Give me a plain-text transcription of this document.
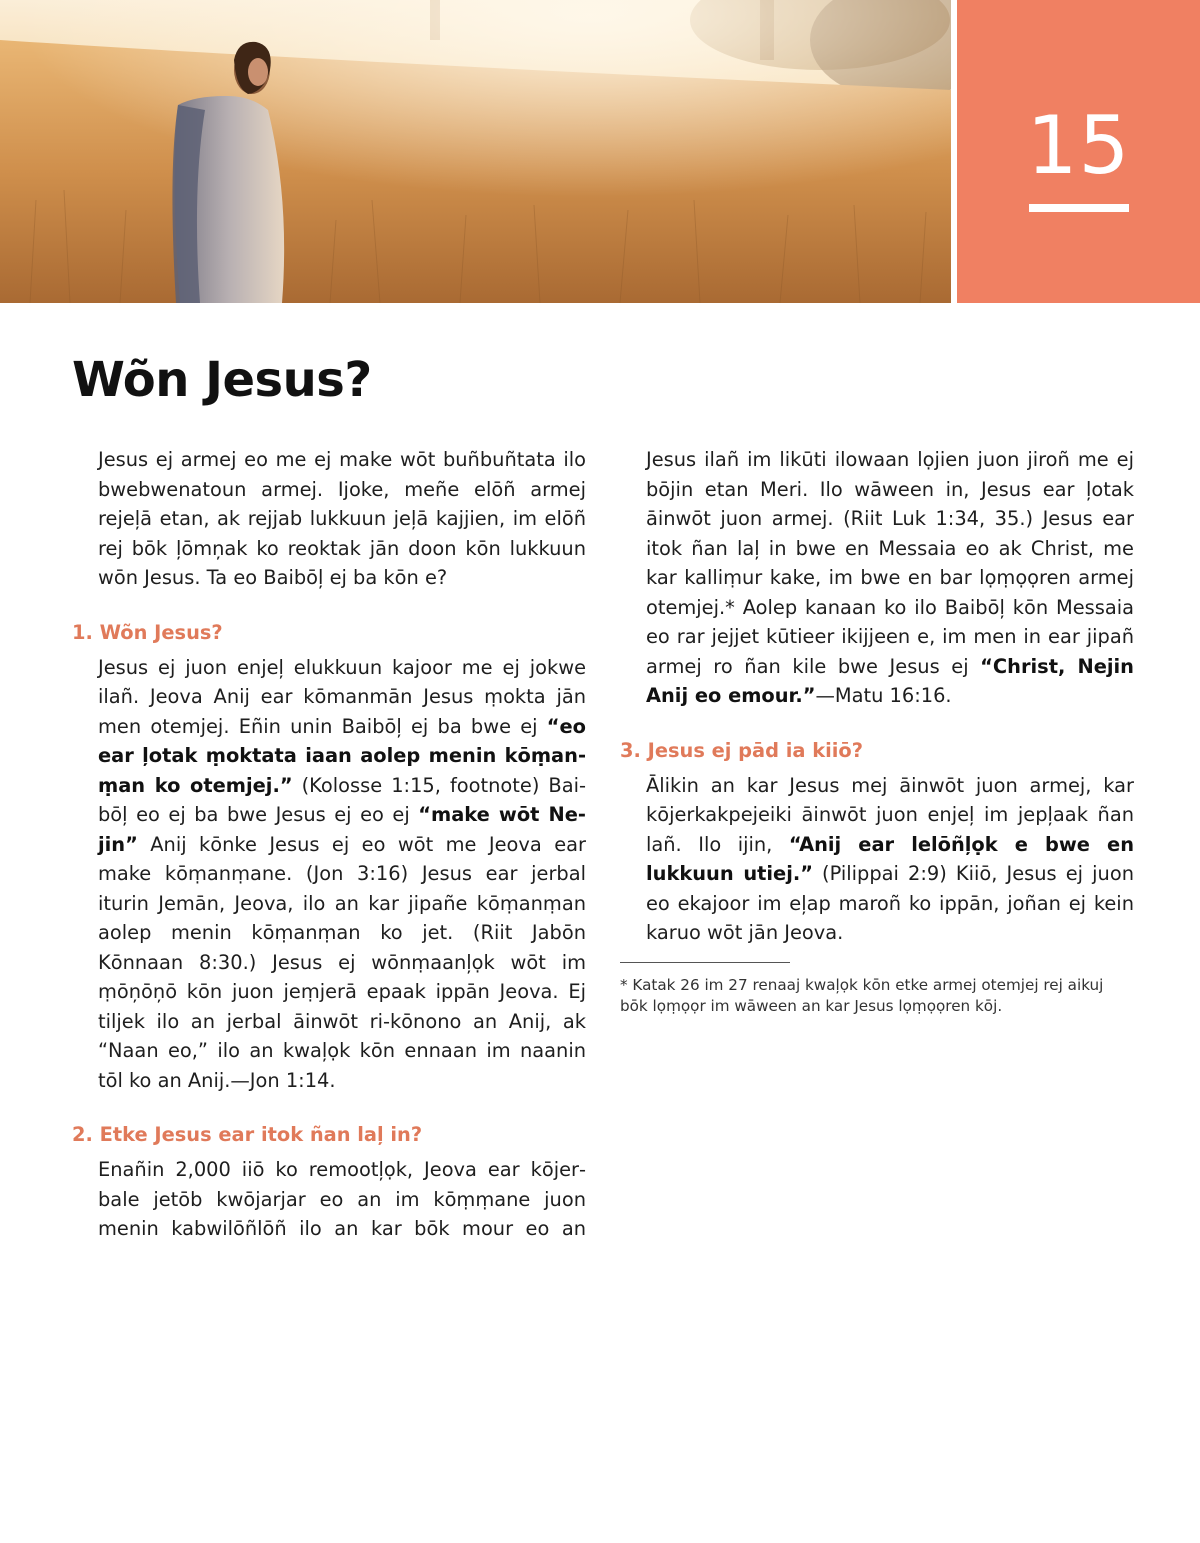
15
Wõn Jesus?

Jesus ej armej eo me ej make wōt buñbuñtata ilo bwebwenatoun armej. Ijoke, meñe elōñ armej rejeļā etan, ak rejjab lukkuun jeļā kajjien, im elōñ rej bōk ļōmņak ko reoktak jān doon kōn lukkuun wōn Jesus. Ta eo Baibōļ ej ba kōn e?

1. Wõn Jesus?

Jesus ej juon enjeļ elukkuun kajoor me ej jokwe ilañ. Jeova Anij ear kōmanmān Jesus ṃokta jān men otemjej. Eñin unin Baibōļ ej ba bwe ej “eo ear ļotak ṃoktata iaan aolep menin kōṃanṃan ko otemjej.” (Kolosse 1:15, footnote) Baibōļ eo ej ba bwe Jesus ej eo ej “make wōt Nejin” Anij kōnke Jesus ej eo wōt me Jeova ear make kōṃanṃane. (Jon 3:16) Jesus ear jerbal iturin Jemān, Jeova, ilo an kar jipañe kōṃanṃan aolep menin kōṃanṃan ko jet. (Riit Jabōn Kōnnaan 8:30.) Jesus ej wōnṃaanļọk wōt im ṃōņōņō kōn juon jeṃjerā epaak ippān Jeova. Ej tiljek ilo an jerbal āinwōt ri-kōnono an Anij, ak “Naan eo,” ilo an kwaļọk kōn ennaan im naanin tōl ko an Anij.—Jon 1:14.

2. Etke Jesus ear itok ñan laļ in?

Enañin 2,000 iiō ko remootļọk, Jeova ear kōjerbale jetōb kwōjarjar eo an im kōṃṃane juon menin kabwilōñlōñ ilo an kar bōk mour eo an

Jesus ilañ im likūti ilowaan lọjien juon jiroñ me ej bōjin etan Meri. Ilo wāween in, Jesus ear ļotak āinwōt juon armej. (Riit Luk 1:34, 35.) Jesus ear itok ñan laļ in bwe en Messaia eo ak Christ, me kar kalliṃur kake, im bwe en bar lọṃọọren armej otemjej.* Aolep kanaan ko ilo Baibōļ kōn Messaia eo rar jejjet kūtieer ikijjeen e, im men in ear jipañ armej ro ñan kile bwe Jesus ej “Christ, Nejin Anij eo emour.”—Matu 16:16.

3. Jesus ej pād ia kiiō?

Ālikin an kar Jesus mej āinwōt juon armej, kar kōjerkakpejeiki āinwōt juon enjeļ im jepļaak ñan lañ. Ilo ijin, “Anij ear lelōñļọk e bwe en lukkuun utiej.” (Pilippai 2:9) Kiiō, Jesus ej juon eo ekajoor im eļap maroñ ko ippān, joñan ej kein karuo wōt jān Jeova.

* Katak 26 im 27 renaaj kwaļọk kōn etke armej otemjej rej aikuj bōk lọṃọọr im wāween an kar Jesus lọṃọọren kōj.
